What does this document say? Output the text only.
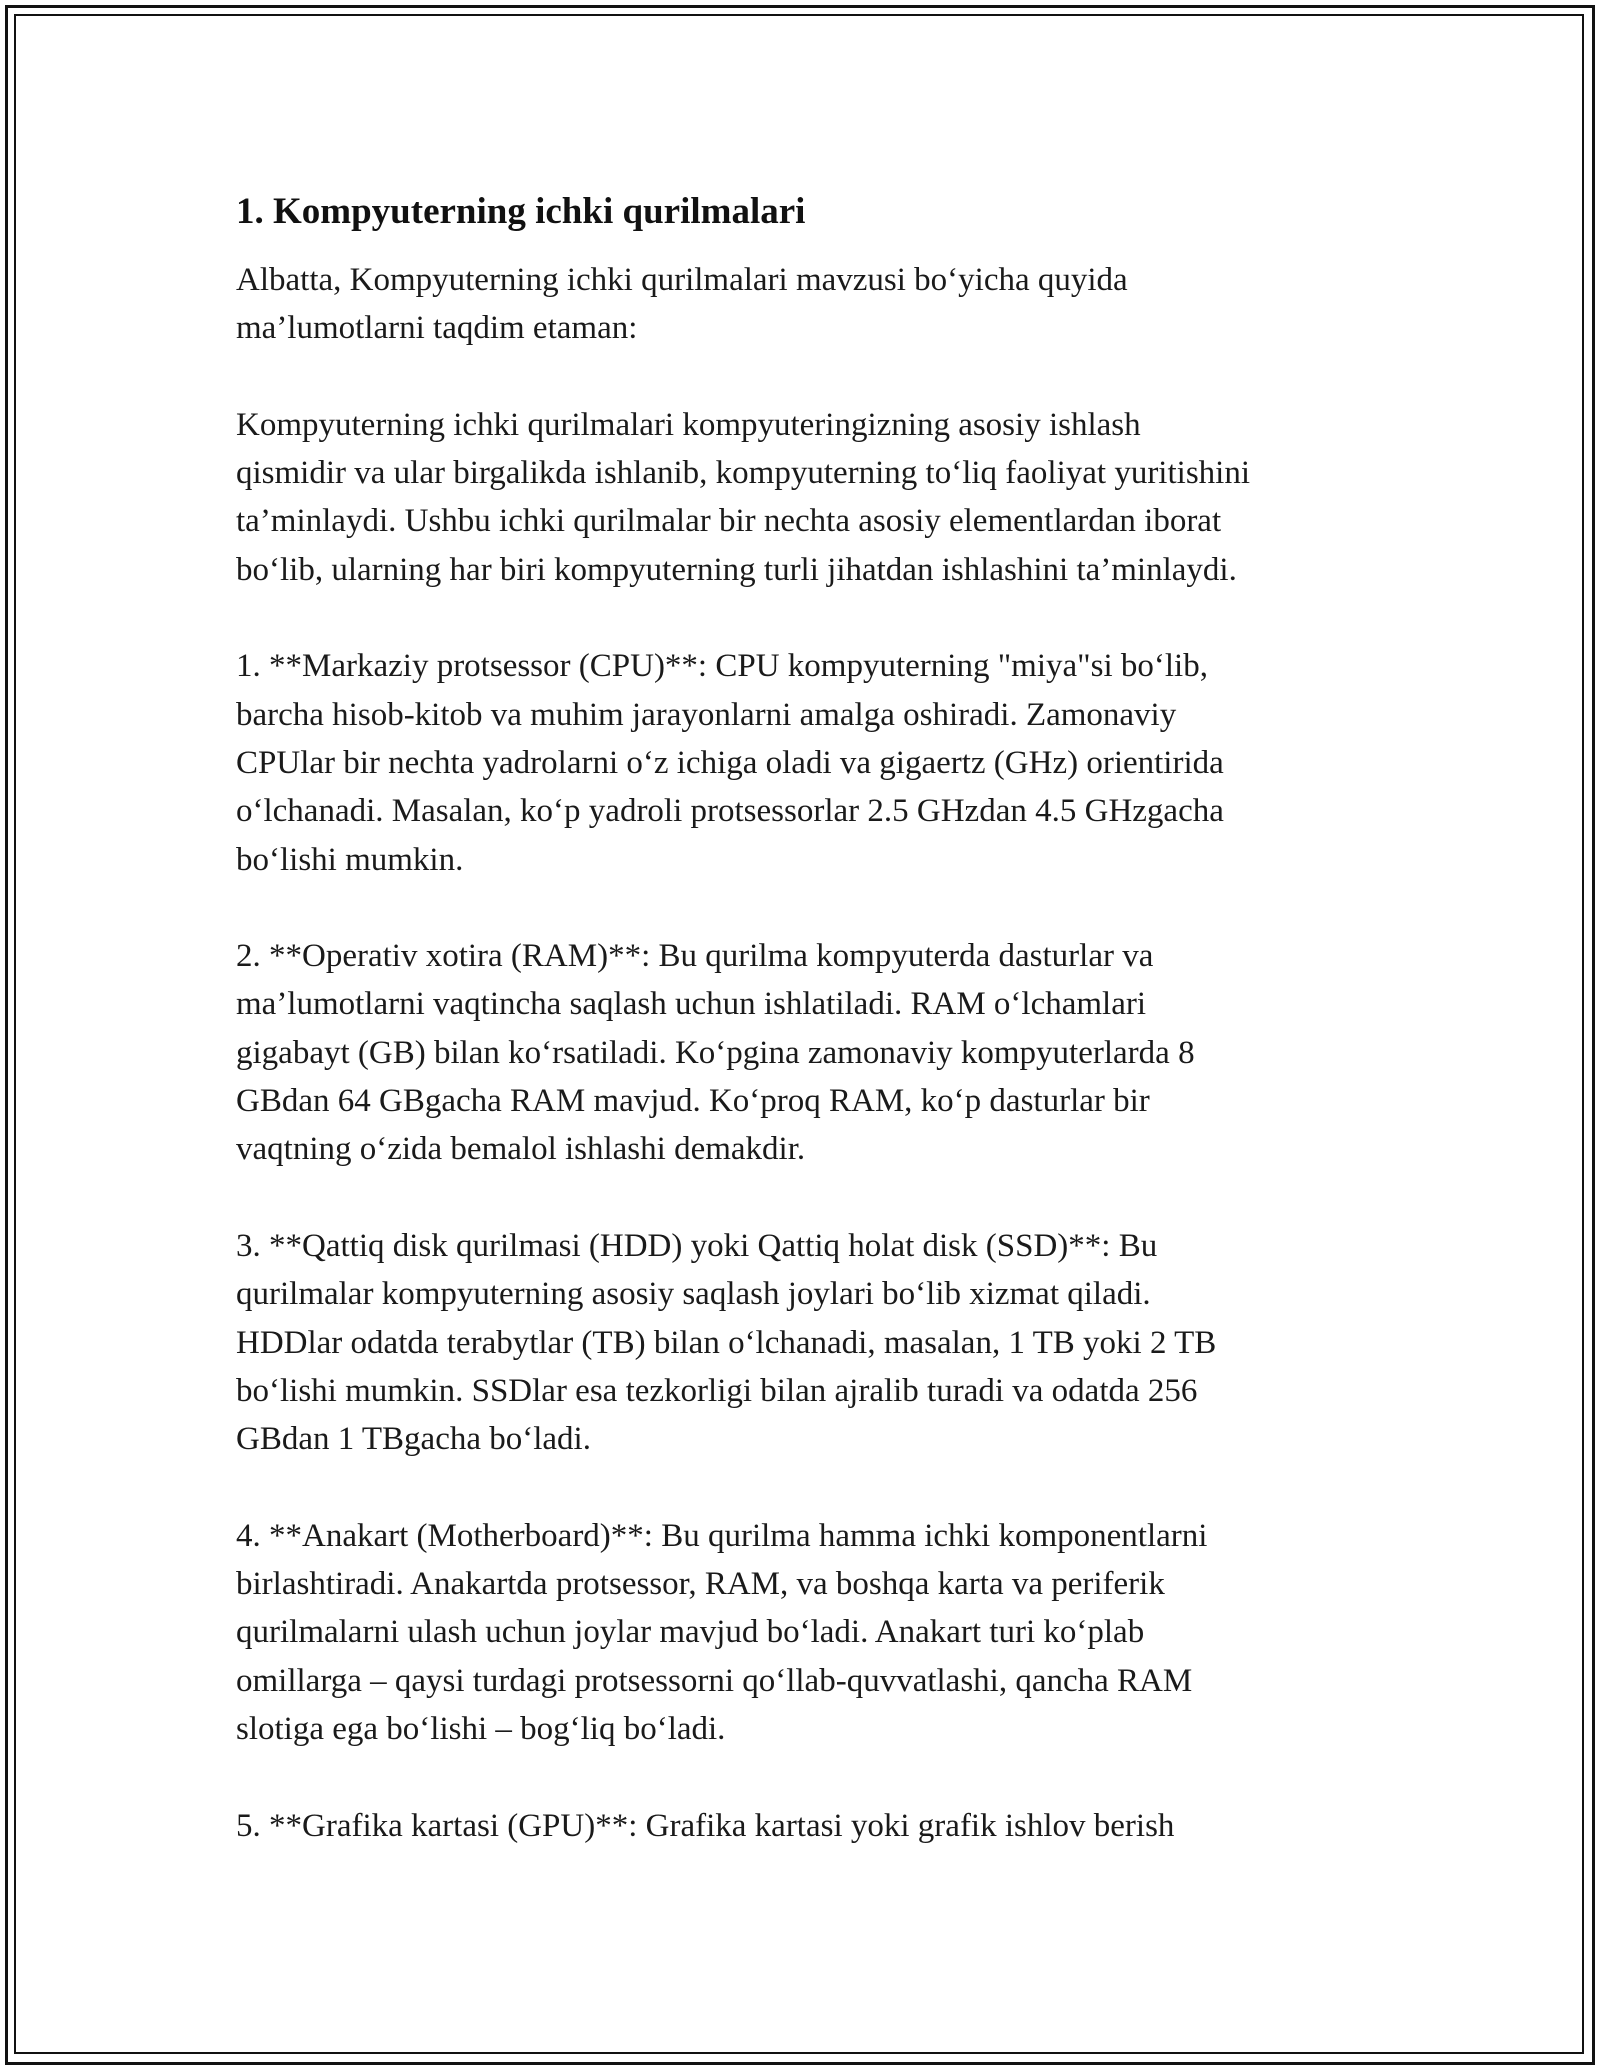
1. Kompyuterning ichki qurilmalari

Albatta, Kompyuterning ichki qurilmalari mavzusi bo‘yicha quyida
ma’lumotlarni taqdim etaman:

Kompyuterning ichki qurilmalari kompyuteringizning asosiy ishlash
qismidir va ular birgalikda ishlanib, kompyuterning to‘liq faoliyat yuritishini
ta’minlaydi. Ushbu ichki qurilmalar bir nechta asosiy elementlardan iborat
bo‘lib, ularning har biri kompyuterning turli jihatdan ishlashini ta’minlaydi.

1. **Markaziy protsessor (CPU)**: CPU kompyuterning "miya"si bo‘lib,
barcha hisob-kitob va muhim jarayonlarni amalga oshiradi. Zamonaviy
CPUlar bir nechta yadrolarni o‘z ichiga oladi va gigaertz (GHz) orientirida
o‘lchanadi. Masalan, ko‘p yadroli protsessorlar 2.5 GHzdan 4.5 GHzgacha
bo‘lishi mumkin.

2. **Operativ xotira (RAM)**: Bu qurilma kompyuterda dasturlar va
ma’lumotlarni vaqtincha saqlash uchun ishlatiladi. RAM o‘lchamlari
gigabayt (GB) bilan ko‘rsatiladi. Ko‘pgina zamonaviy kompyuterlarda 8
GBdan 64 GBgacha RAM mavjud. Ko‘proq RAM, ko‘p dasturlar bir
vaqtning o‘zida bemalol ishlashi demakdir.

3. **Qattiq disk qurilmasi (HDD) yoki Qattiq holat disk (SSD)**: Bu
qurilmalar kompyuterning asosiy saqlash joylari bo‘lib xizmat qiladi.
HDDlar odatda terabytlar (TB) bilan o‘lchanadi, masalan, 1 TB yoki 2 TB
bo‘lishi mumkin. SSDlar esa tezkorligi bilan ajralib turadi va odatda 256
GBdan 1 TBgacha bo‘ladi.

4. **Anakart (Motherboard)**: Bu qurilma hamma ichki komponentlarni
birlashtiradi. Anakartda protsessor, RAM, va boshqa karta va periferik
qurilmalarni ulash uchun joylar mavjud bo‘ladi. Anakart turi ko‘plab
omillarga – qaysi turdagi protsessorni qo‘llab-quvvatlashi, qancha RAM
slotiga ega bo‘lishi – bog‘liq bo‘ladi.

5. **Grafika kartasi (GPU)**: Grafika kartasi yoki grafik ishlov berish
